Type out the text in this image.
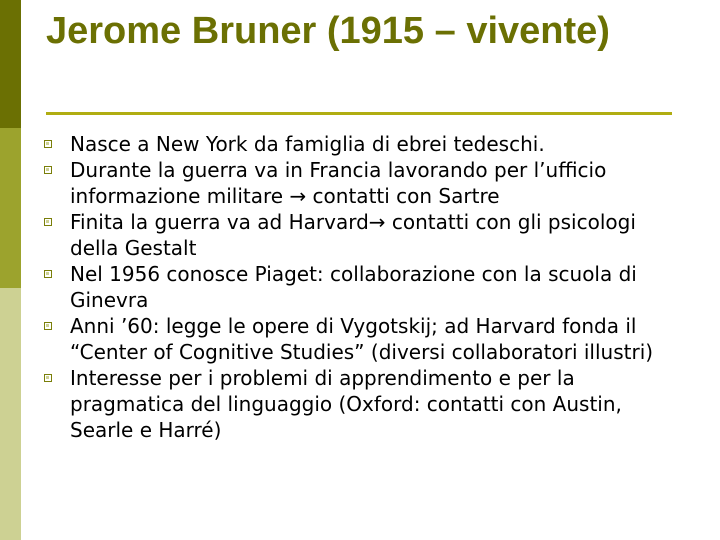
Jerome Bruner (1915 – vivente)
Nasce a New York da famiglia di ebrei tedeschi.
Durante la guerra va in Francia lavorando per l’ufficio informazione militare → contatti con Sartre
Finita la guerra va ad Harvard→ contatti con gli psicologi della Gestalt
Nel 1956 conosce Piaget: collaborazione con la scuola di Ginevra
Anni ’60: legge le opere di Vygotskij; ad Harvard fonda il “Center of Cognitive Studies” (diversi collaboratori illustri)
Interesse per i problemi di apprendimento e per la pragmatica del linguaggio (Oxford: contatti con Austin, Searle e Harré)
